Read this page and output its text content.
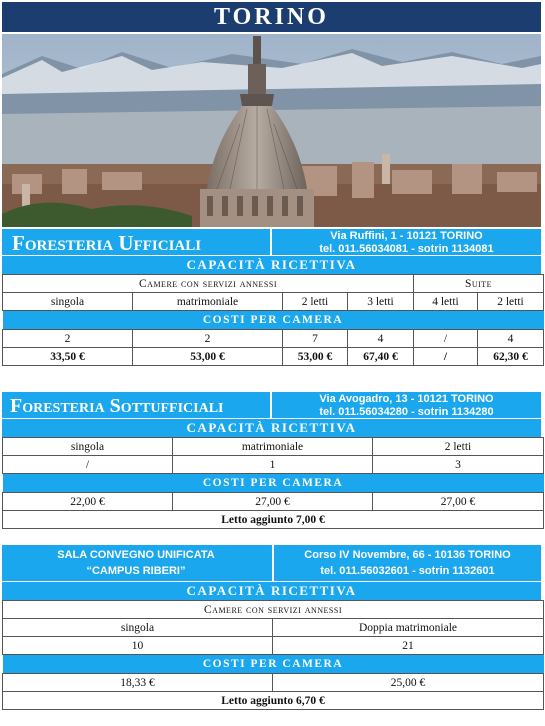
TORINO
Foresteria Ufficiali	Via Ruffini, 1 - 10121 TORINO
tel. 011.56034081 - sotrin 1134081
CAPACITÀ RICETTIVA
Camere con servizi annessi				Suite	
singola	matrimoniale	2 letti	3 letti	4 letti	2 letti
COSTI PER CAMERA					
2	2	7	4	/	4
33,50 €	53,00 €	53,00 €	67,40 €	/	62,30 €
Foresteria Sottufficiali	Via Avogadro, 13 - 10121 TORINO
tel. 011.56034280 - sotrin 1134280
CAPACITÀ RICETTIVA
singola	matrimoniale	2 letti
/	1	3
COSTI PER CAMERA		
22,00 €	27,00 €	27,00 €
Letto aggiunto 7,00 €		
SALA CONVEGNO UNIFICATA
“CAMPUS RIBERI”
Corso IV Novembre, 66 - 10136 TORINO
tel. 011.56032601 - sotrin 1132601
CAPACITÀ RICETTIVA
Camere con servizi annessi	
singola	Doppia matrimoniale
10	21
COSTI PER CAMERA	
18,33 €	25,00 €
Letto aggiunto 6,70 €	
